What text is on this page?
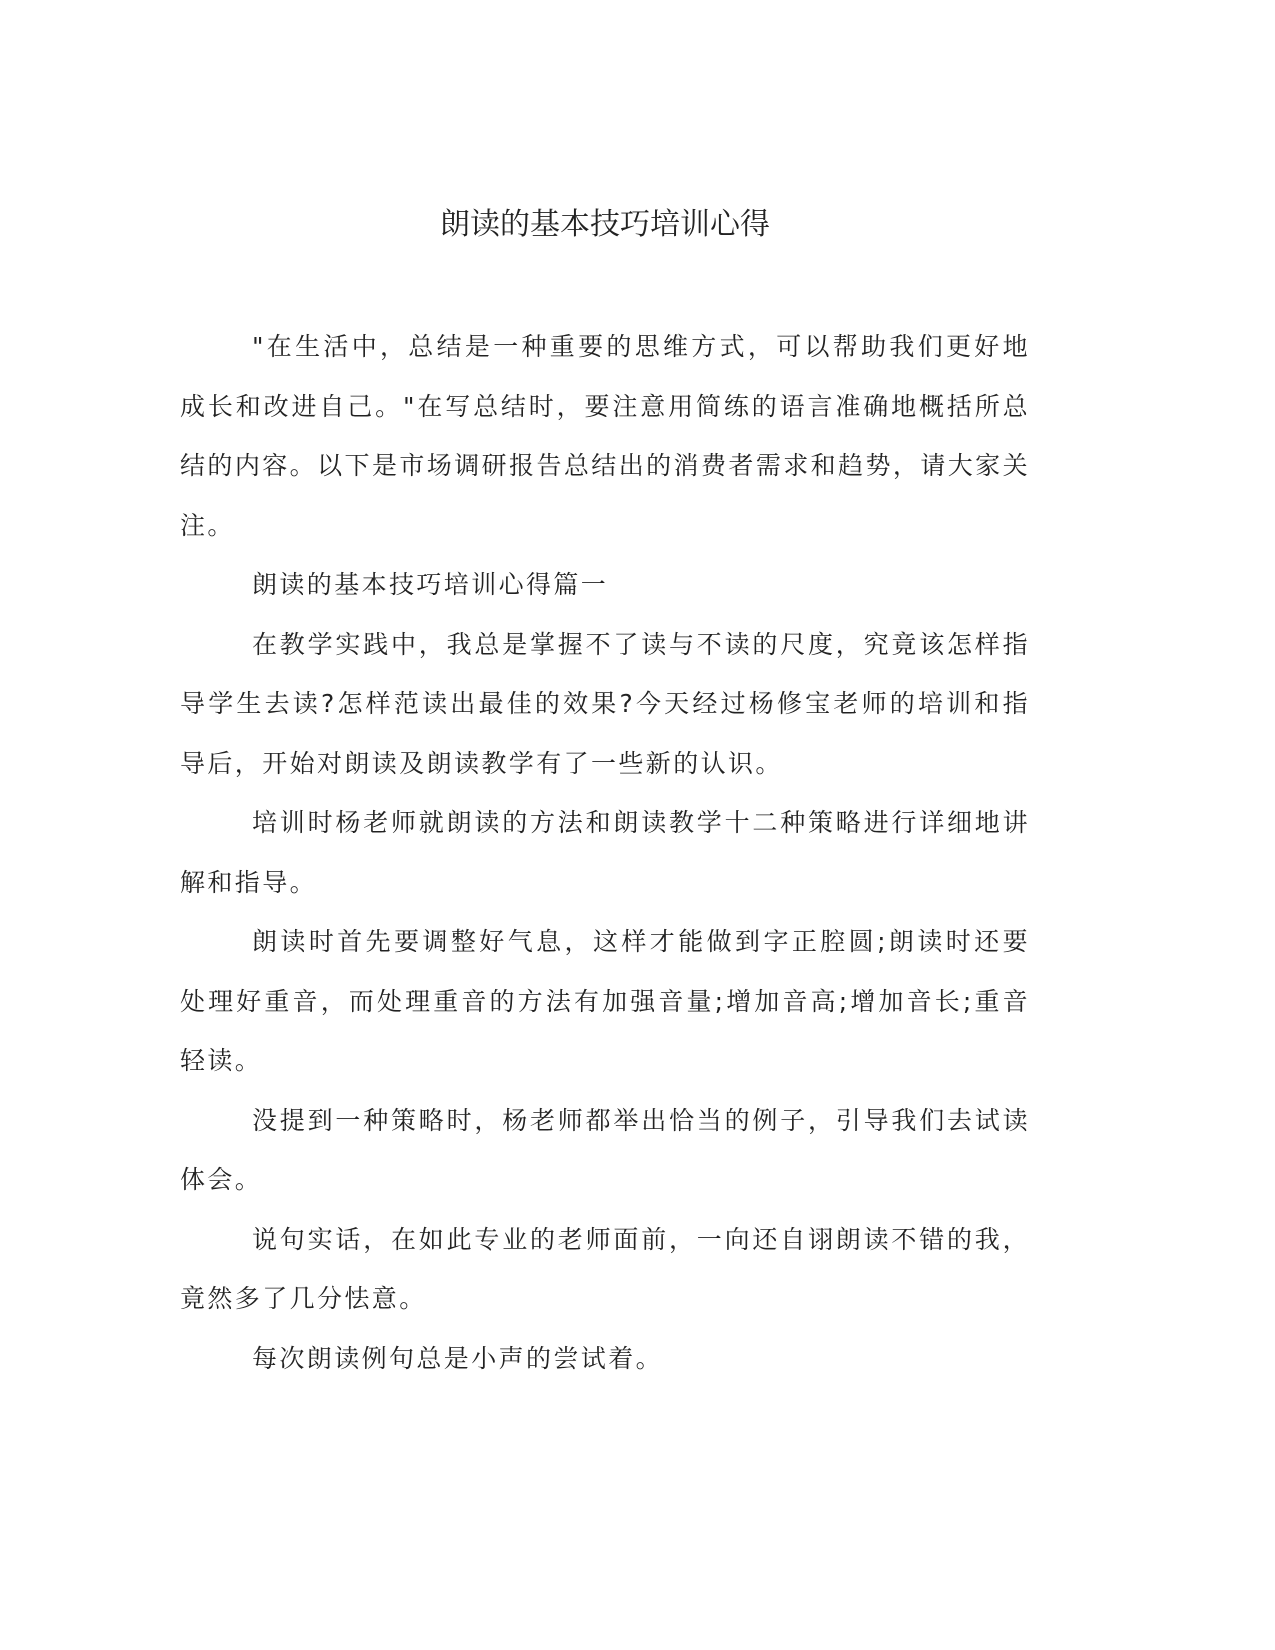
朗读的基本技巧培训心得

"在生活中，总结是一种重要的思维方式，可以帮助我们更好地成长和改进自己。"在写总结时，要注意用简练的语言准确地概括所总结的内容。以下是市场调研报告总结出的消费者需求和趋势，请大家关注。

朗读的基本技巧培训心得篇一

在教学实践中，我总是掌握不了读与不读的尺度，究竟该怎样指导学生去读?怎样范读出最佳的效果?今天经过杨修宝老师的培训和指导后，开始对朗读及朗读教学有了一些新的认识。

培训时杨老师就朗读的方法和朗读教学十二种策略进行详细地讲解和指导。

朗读时首先要调整好气息，这样才能做到字正腔圆;朗读时还要处理好重音，而处理重音的方法有加强音量;增加音高;增加音长;重音轻读。

没提到一种策略时，杨老师都举出恰当的例子，引导我们去试读体会。

说句实话，在如此专业的老师面前，一向还自诩朗读不错的我，竟然多了几分怯意。

每次朗读例句总是小声的尝试着。
